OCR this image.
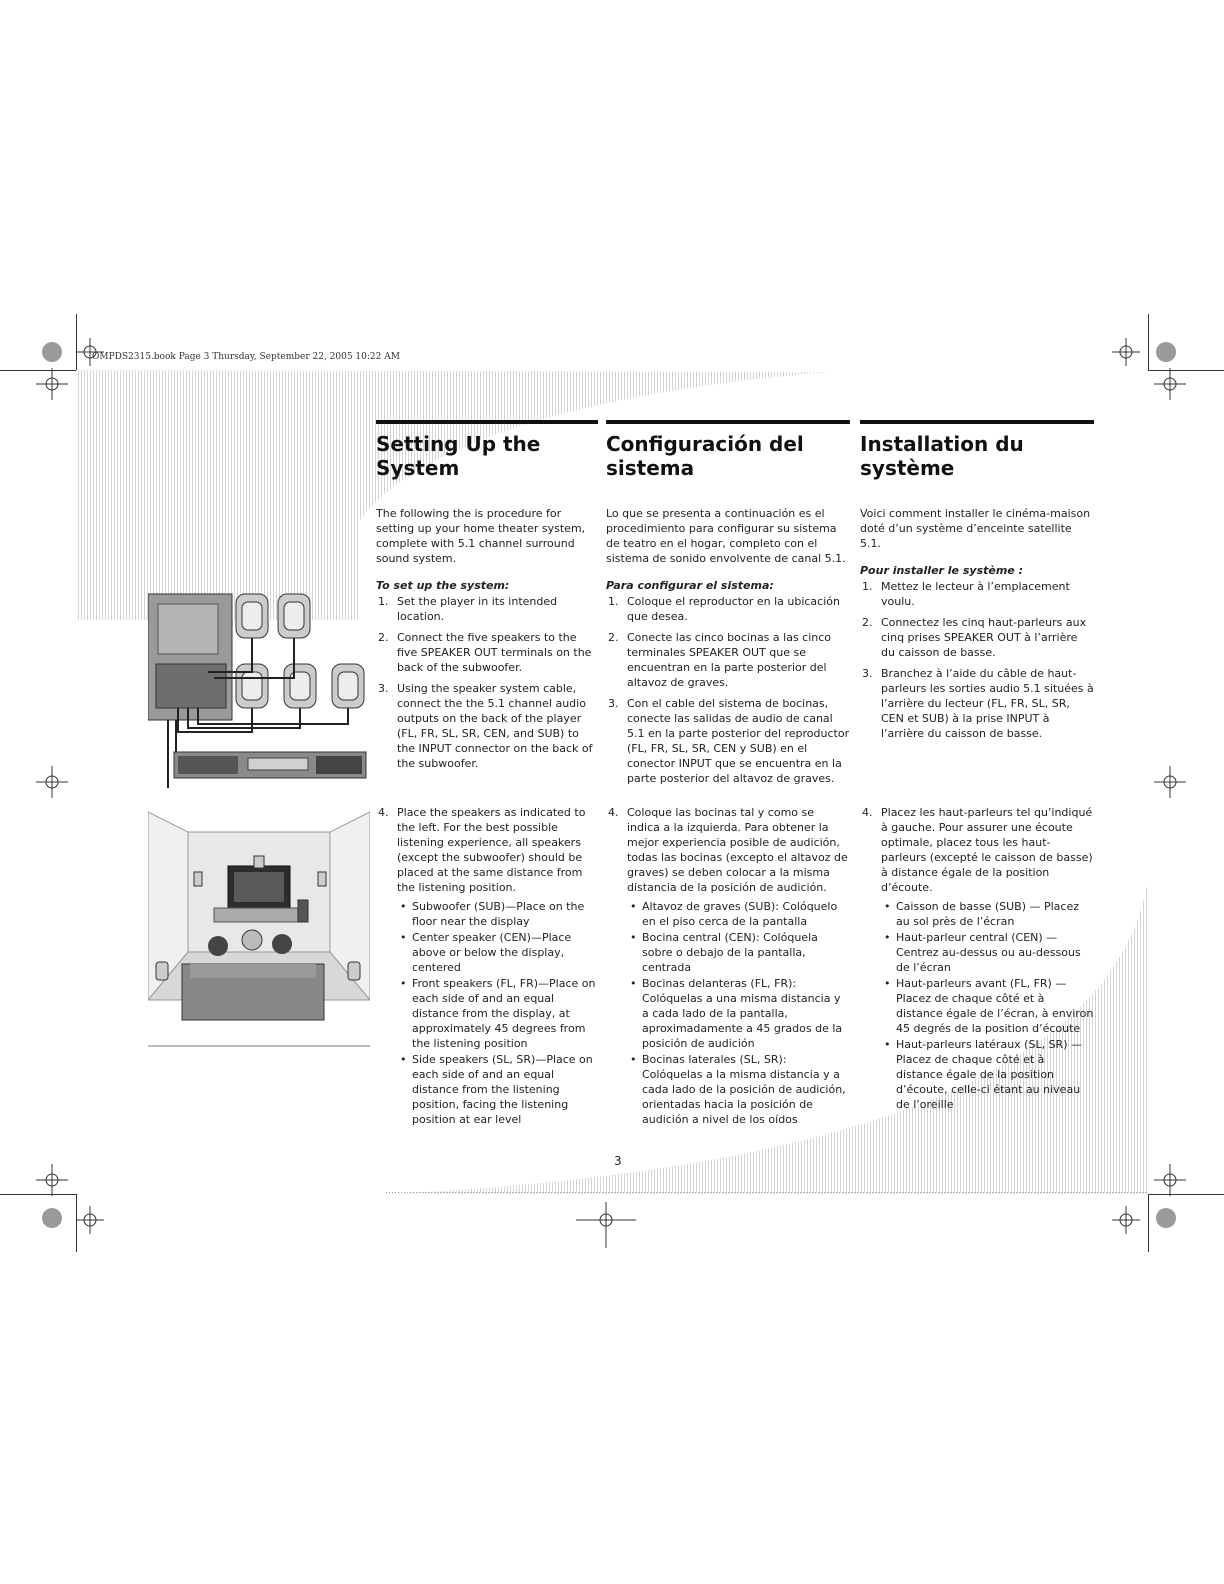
OMPDS2315.book Page 3 Thursday, September 22, 2005 10:22 AM
Setting Up the System

The following the is procedure for setting up your home theater system, complete with 5.1 channel surround sound system.

To set up the system:
1. Set the player in its intended location.
2. Connect the five speakers to the five SPEAKER OUT terminals on the back of the subwoofer.
3. Using the speaker system cable, connect the the 5.1 channel audio outputs on the back of the player (FL, FR, SL, SR, CEN, and SUB) to the INPUT connector on the back of the subwoofer.
4. Place the speakers as indicated to the left. For the best possible listening experience, all speakers (except the subwoofer) should be placed at the same distance from the listening position.
• Subwoofer (SUB)—Place on the floor near the display
• Center speaker (CEN)—Place above or below the display, centered
• Front speakers (FL, FR)—Place on each side of and an equal distance from the display, at approximately 45 degrees from the listening position
• Side speakers (SL, SR)—Place on each side of and an equal distance from the listening position, facing the listening position at ear level
Configuración del sistema

Lo que se presenta a continuación es el procedimiento para configurar su sistema de teatro en el hogar, completo con el sistema de sonido envolvente de canal 5.1.

Para configurar el sistema:
1. Coloque el reproductor en la ubicación que desea.
2. Conecte las cinco bocinas a las cinco terminales SPEAKER OUT que se encuentran en la parte posterior del altavoz de graves.
3. Con el cable del sistema de bocinas, conecte las salidas de audio de canal 5.1 en la parte posterior del reproductor (FL, FR, SL, SR, CEN y SUB) en el conector INPUT que se encuentra en la parte posterior del altavoz de graves.
4. Coloque las bocinas tal y como se indica a la izquierda. Para obtener la mejor experiencia posible de audición, todas las bocinas (excepto el altavoz de graves) se deben colocar a la misma distancia de la posición de audición.
• Altavoz de graves (SUB): Colóquelo en el piso cerca de la pantalla
• Bocina central (CEN): Colóquela sobre o debajo de la pantalla, centrada
• Bocinas delanteras (FL, FR): Colóquelas a una misma distancia y a cada lado de la pantalla, aproximadamente a 45 grados de la posición de audición
• Bocinas laterales (SL, SR): Colóquelas a la misma distancia y a cada lado de la posición de audición, orientadas hacia la posición de audición a nivel de los oídos
Installation du système

Voici comment installer le cinéma-maison doté d’un système d’enceinte satellite 5.1.

Pour installer le système :
1. Mettez le lecteur à l’emplacement voulu.
2. Connectez les cinq haut-parleurs aux cinq prises SPEAKER OUT à l’arrière du caisson de basse.
3. Branchez à l’aide du câble de haut-parleurs les sorties audio 5.1 situées à l’arrière du lecteur (FL, FR, SL, SR, CEN et SUB) à la prise INPUT à l’arrière du caisson de basse.
4. Placez les haut-parleurs tel qu’indiqué à gauche. Pour assurer une écoute optimale, placez tous les haut-parleurs (excepté le caisson de basse) à distance égale de la position d’écoute.
• Caisson de basse (SUB) — Placez au sol près de l’écran
• Haut-parleur central (CEN) — Centrez au-dessus ou au-dessous de l’écran
• Haut-parleurs avant (FL, FR) — Placez de chaque côté et à distance égale de l’écran, à environ 45 degrés de la position d’écoute
• Haut-parleurs latéraux (SL, SR) — Placez de chaque côté et à distance égale de la position d’écoute, celle-ci étant au niveau de l’oreille
3
